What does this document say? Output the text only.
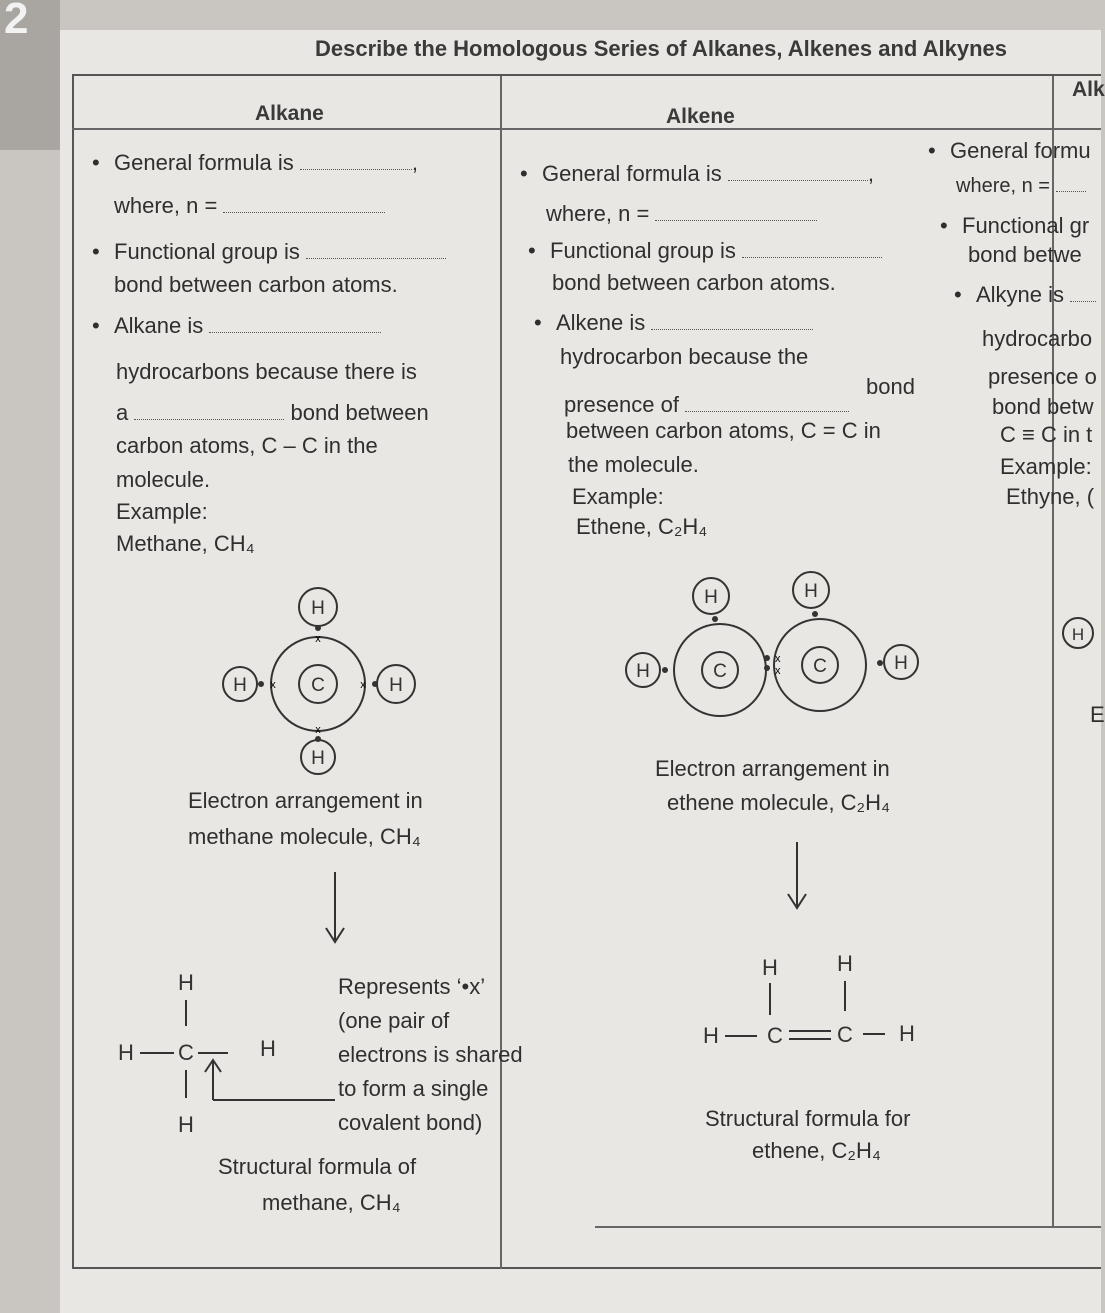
2
Describe the Homologous Series of Alkanes, Alkenes and Alkynes
Alkane	Alkene
Alk
• General formula is	,
where, n =
• Functional group is
bond between carbon atoms.
• Alkane is
hydrocarbons because there is
a	bond between
carbon atoms, C – C in the
molecule.
Example:
Methane, CH₄
C
H
H
H	H
x
x
x	x
Electron arrangement in
methane molecule, CH₄
H
H C	H
H
Represents ‘•x’
(one pair of
electrons is shared
to form a single
covalent bond)
Structural formula of
methane, CH₄
• General formula is	,
where, n =
• Functional group is
bond between carbon atoms.
• Alkene is
hydrocarbon because the
bond
presence of
between carbon atoms, C = C in
the molecule.
Example:
Ethene, C₂H₄
C	C
H	H
H	H
x
x
Electron arrangement in
ethene molecule, C₂H₄
H	H
H C C H
Structural formula for
ethene, C₂H₄
• General formu
where, n =
• Functional gr
bond betwe
• Alkyne is
hydrocarbo
presence o
bond betw
C ≡ C in t
Example:
Ethyne, (
H
E
